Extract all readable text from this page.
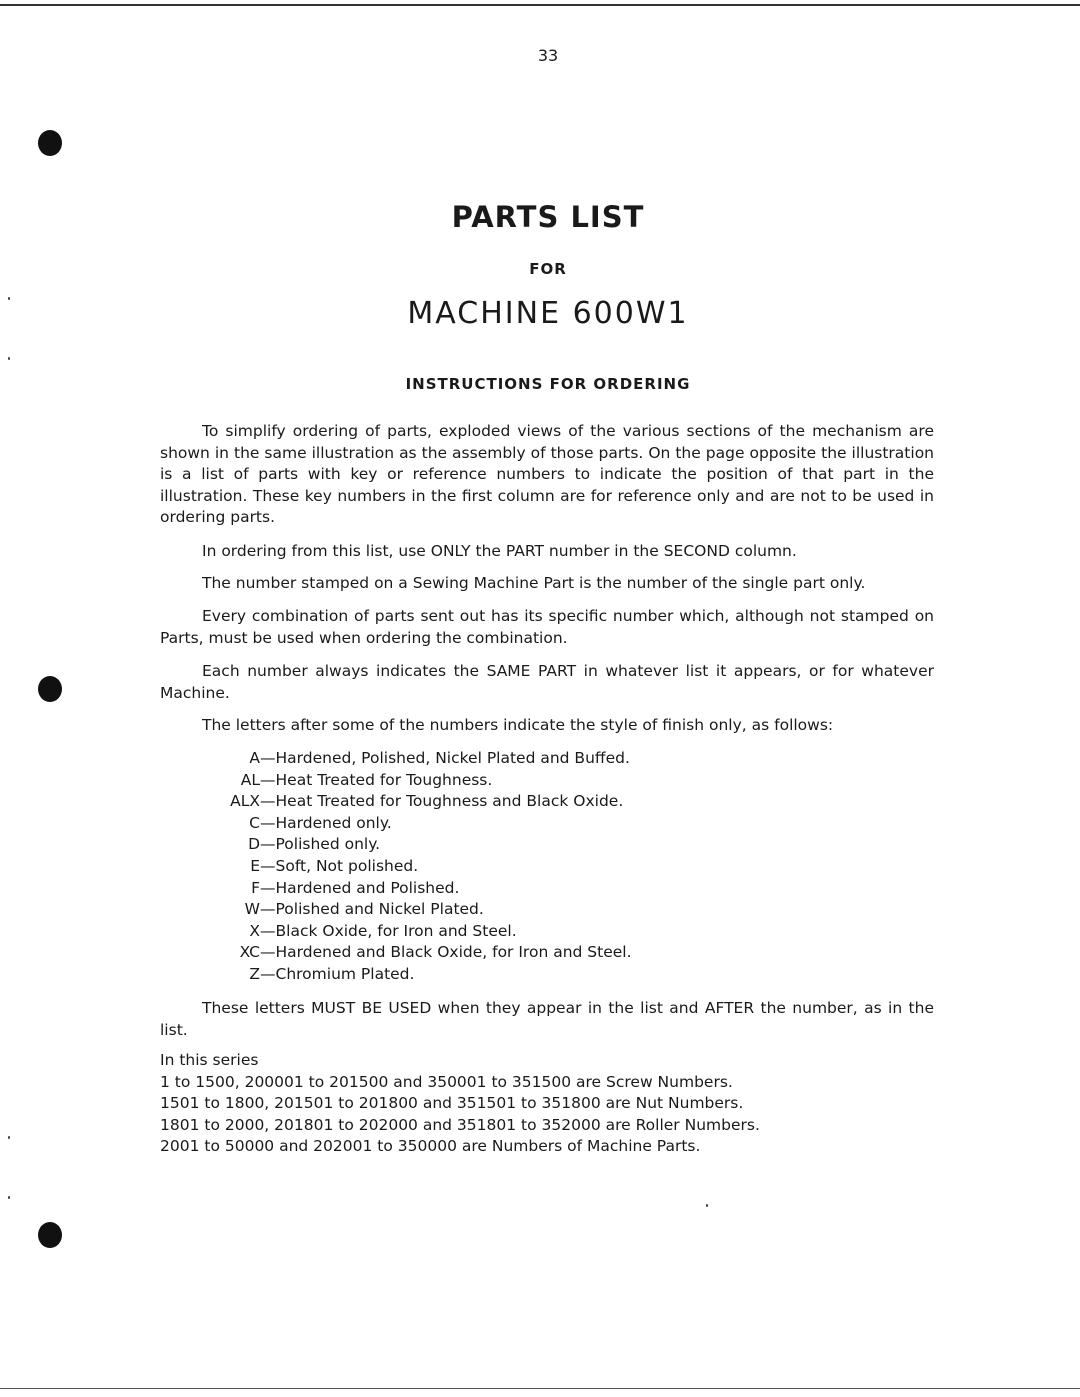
33
PARTS LIST
FOR
MACHINE 600W1
INSTRUCTIONS FOR ORDERING
To simplify ordering of parts, exploded views of the various sections of the mechanism are shown in the same illustration as the assembly of those parts. On the page opposite the illustration is a list of parts with key or reference numbers to indicate the position of that part in the illustration. These key numbers in the first column are for reference only and are not to be used in ordering parts.
In ordering from this list, use ONLY the PART number in the SECOND column.
The number stamped on a Sewing Machine Part is the number of the single part only.
Every combination of parts sent out has its specific number which, although not stamped on Parts, must be used when ordering the combination.
Each number always indicates the SAME PART in whatever list it appears, or for whatever Machine.
The letters after some of the numbers indicate the style of finish only, as follows:
A — Hardened, Polished, Nickel Plated and Buffed.
AL — Heat Treated for Toughness.
ALX — Heat Treated for Toughness and Black Oxide.
C — Hardened only.
D — Polished only.
E — Soft, Not polished.
F — Hardened and Polished.
W — Polished and Nickel Plated.
X — Black Oxide, for Iron and Steel.
XC — Hardened and Black Oxide, for Iron and Steel.
Z — Chromium Plated.
These letters MUST BE USED when they appear in the list and AFTER the number, as in the list.
In this series
1 to 1500, 200001 to 201500 and 350001 to 351500 are Screw Numbers.
1501 to 1800, 201501 to 201800 and 351501 to 351800 are Nut Numbers.
1801 to 2000, 201801 to 202000 and 351801 to 352000 are Roller Numbers.
2001 to 50000 and 202001 to 350000 are Numbers of Machine Parts.
